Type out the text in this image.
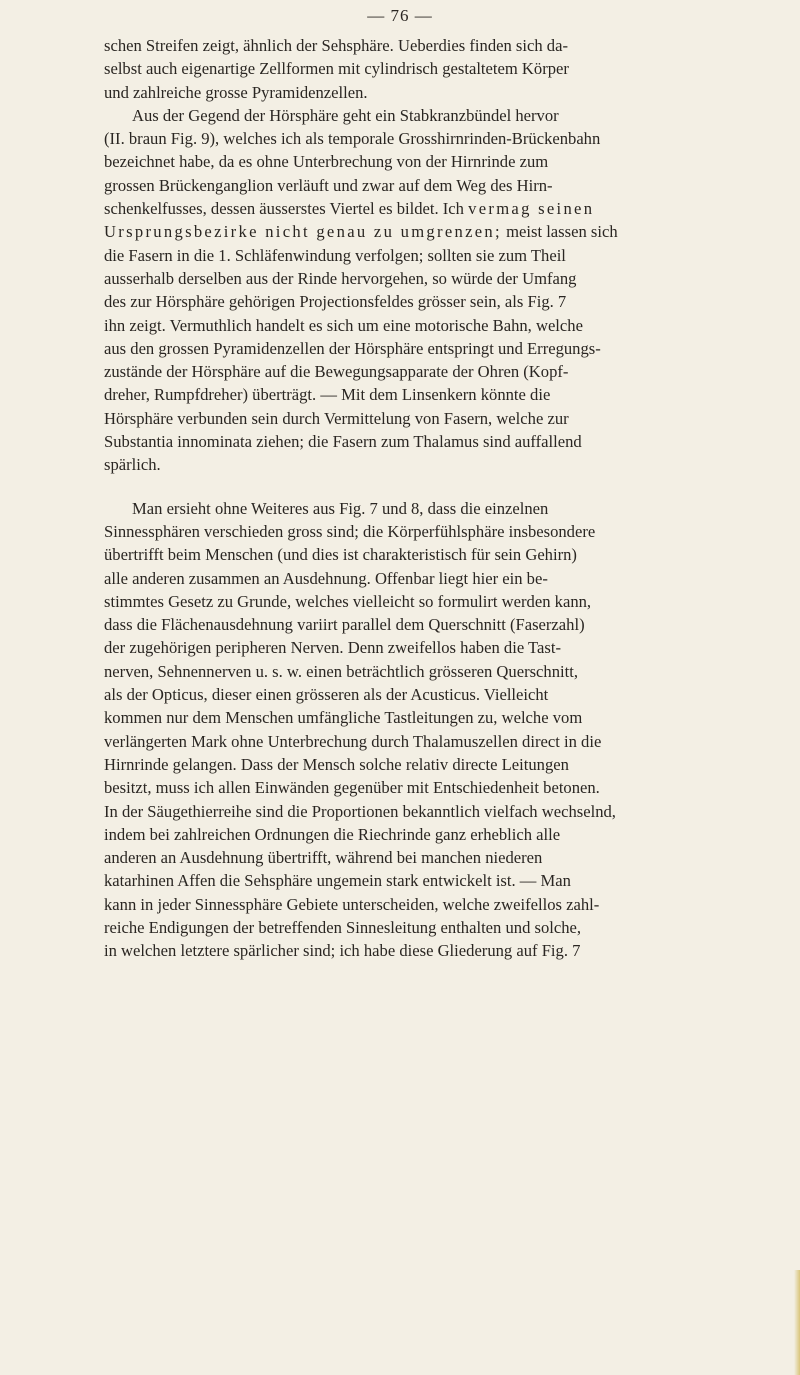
— 76 —
schen Streifen zeigt, ähnlich der Sehsphäre. Ueberdies finden sich da-
selbst auch eigenartige Zellformen mit cylindrisch gestaltetem Körper
und zahlreiche grosse Pyramidenzellen.
Aus der Gegend der Hörsphäre geht ein Stabkranzbündel hervor
(II. braun Fig. 9), welches ich als temporale Grosshirnrinden-Brückenbahn
bezeichnet habe, da es ohne Unterbrechung von der Hirnrinde zum
grossen Brückenganglion verläuft und zwar auf dem Weg des Hirn-
schenkelfusses, dessen äusserstes Viertel es bildet. Ich vermag seinen
Ursprungsbezirke nicht genau zu umgrenzen; meist lassen sich
die Fasern in die 1. Schläfenwindung verfolgen; sollten sie zum Theil
ausserhalb derselben aus der Rinde hervorgehen, so würde der Umfang
des zur Hörsphäre gehörigen Projectionsfeldes grösser sein, als Fig. 7
ihn zeigt. Vermuthlich handelt es sich um eine motorische Bahn, welche
aus den grossen Pyramidenzellen der Hörsphäre entspringt und Erregungs-
zustände der Hörsphäre auf die Bewegungsapparate der Ohren (Kopf-
dreher, Rumpfdreher) überträgt. — Mit dem Linsenkern könnte die
Hörsphäre verbunden sein durch Vermittelung von Fasern, welche zur
Substantia innominata ziehen; die Fasern zum Thalamus sind auffallend
spärlich.
Man ersieht ohne Weiteres aus Fig. 7 und 8, dass die einzelnen
Sinnessphären verschieden gross sind; die Körperfühlsphäre insbesondere
übertrifft beim Menschen (und dies ist charakteristisch für sein Gehirn)
alle anderen zusammen an Ausdehnung. Offenbar liegt hier ein be-
stimmtes Gesetz zu Grunde, welches vielleicht so formulirt werden kann,
dass die Flächenausdehnung variirt parallel dem Querschnitt (Faserzahl)
der zugehörigen peripheren Nerven. Denn zweifellos haben die Tast-
nerven, Sehnennerven u. s. w. einen beträchtlich grösseren Querschnitt,
als der Opticus, dieser einen grösseren als der Acusticus. Vielleicht
kommen nur dem Menschen umfängliche Tastleitungen zu, welche vom
verlängerten Mark ohne Unterbrechung durch Thalamuszellen direct in die
Hirnrinde gelangen. Dass der Mensch solche relativ directe Leitungen
besitzt, muss ich allen Einwänden gegenüber mit Entschiedenheit betonen.
In der Säugethierreihe sind die Proportionen bekanntlich vielfach wechselnd,
indem bei zahlreichen Ordnungen die Riechrinde ganz erheblich alle
anderen an Ausdehnung übertrifft, während bei manchen niederen
katarhinen Affen die Sehsphäre ungemein stark entwickelt ist. — Man
kann in jeder Sinnessphäre Gebiete unterscheiden, welche zweifellos zahl-
reiche Endigungen der betreffenden Sinnesleitung enthalten und solche,
in welchen letztere spärlicher sind; ich habe diese Gliederung auf Fig. 7
